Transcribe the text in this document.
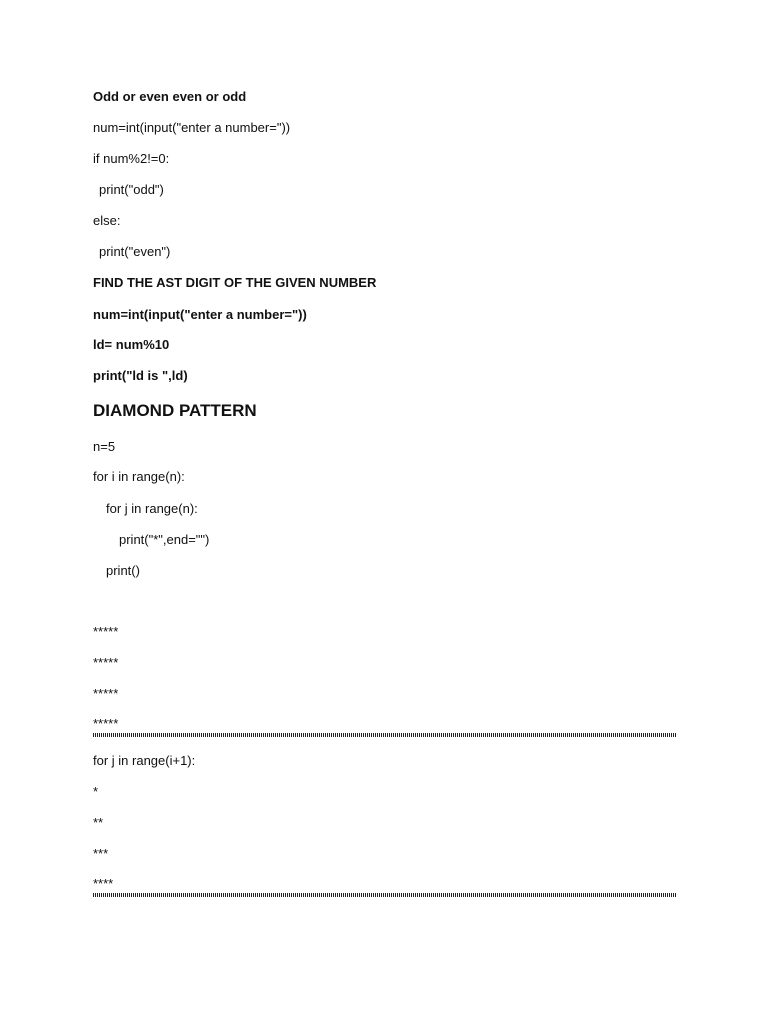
Odd or even even or odd
num=int(input("enter a number="))
if num%2!=0:
print("odd")
else:
print("even")
FIND THE AST DIGIT OF THE GIVEN NUMBER
num=int(input("enter a number="))
ld= num%10
print("ld is ",ld)
DIAMOND PATTERN
n=5
for i in range(n):
for j in range(n):
print("*",end="")
print()
*****
*****
*****
*****
for j in range(i+1):
*
**
***
****
